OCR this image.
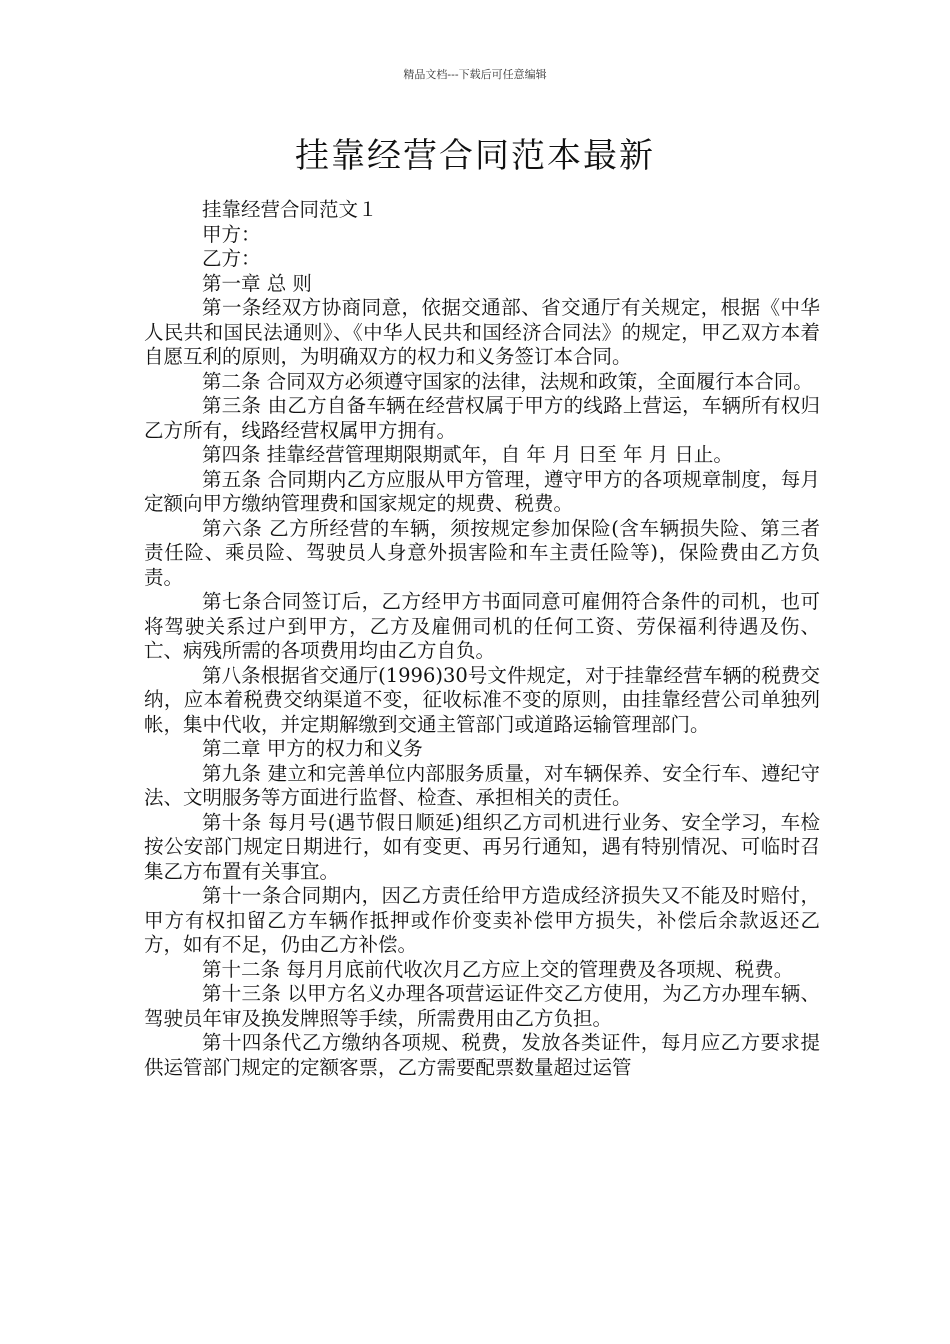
精品文档---下载后可任意编辑
挂靠经营合同范本最新

挂靠经营合同范文１

甲方：

乙方：

第一章 总 则

第一条经双方协商同意，依据交通部、省交通厅有关规定，根据《中华人民共和国民法通则》、《中华人民共和国经济合同法》的规定，甲乙双方本着自愿互利的原则，为明确双方的权力和义务签订本合同。

第二条 合同双方必须遵守国家的法律，法规和政策，全面履行本合同。

第三条 由乙方自备车辆在经营权属于甲方的线路上营运，车辆所有权归乙方所有，线路经营权属甲方拥有。

第四条 挂靠经营管理期限期贰年，自 年 月 日至 年 月 日止。

第五条 合同期内乙方应服从甲方管理，遵守甲方的各项规章制度，每月定额向甲方缴纳管理费和国家规定的规费、税费。

第六条 乙方所经营的车辆，须按规定参加保险(含车辆损失险、第三者责任险、乘员险、驾驶员人身意外损害险和车主责任险等)，保险费由乙方负责。

第七条合同签订后，乙方经甲方书面同意可雇佣符合条件的司机，也可将驾驶关系过户到甲方，乙方及雇佣司机的任何工资、劳保福利待遇及伤、亡、病残所需的各项费用均由乙方自负。

第八条根据省交通厅(1996)30号文件规定，对于挂靠经营车辆的税费交纳，应本着税费交纳渠道不变，征收标准不变的原则，由挂靠经营公司单独列帐，集中代收，并定期解缴到交通主管部门或道路运输管理部门。

第二章 甲方的权力和义务

第九条 建立和完善单位内部服务质量，对车辆保养、安全行车、遵纪守法、文明服务等方面进行监督、检查、承担相关的责任。

第十条 每月号(遇节假日顺延)组织乙方司机进行业务、安全学习，车检按公安部门规定日期进行，如有变更、再另行通知，遇有特别情况、可临时召集乙方布置有关事宜。

第十一条合同期内，因乙方责任给甲方造成经济损失又不能及时赔付，甲方有权扣留乙方车辆作抵押或作价变卖补偿甲方损失，补偿后余款返还乙方，如有不足，仍由乙方补偿。

第十二条 每月月底前代收次月乙方应上交的管理费及各项规、税费。

第十三条 以甲方名义办理各项营运证件交乙方使用，为乙方办理车辆、驾驶员年审及换发牌照等手续，所需费用由乙方负担。

第十四条代乙方缴纳各项规、税费，发放各类证件，每月应乙方要求提供运管部门规定的定额客票，乙方需要配票数量超过运管
